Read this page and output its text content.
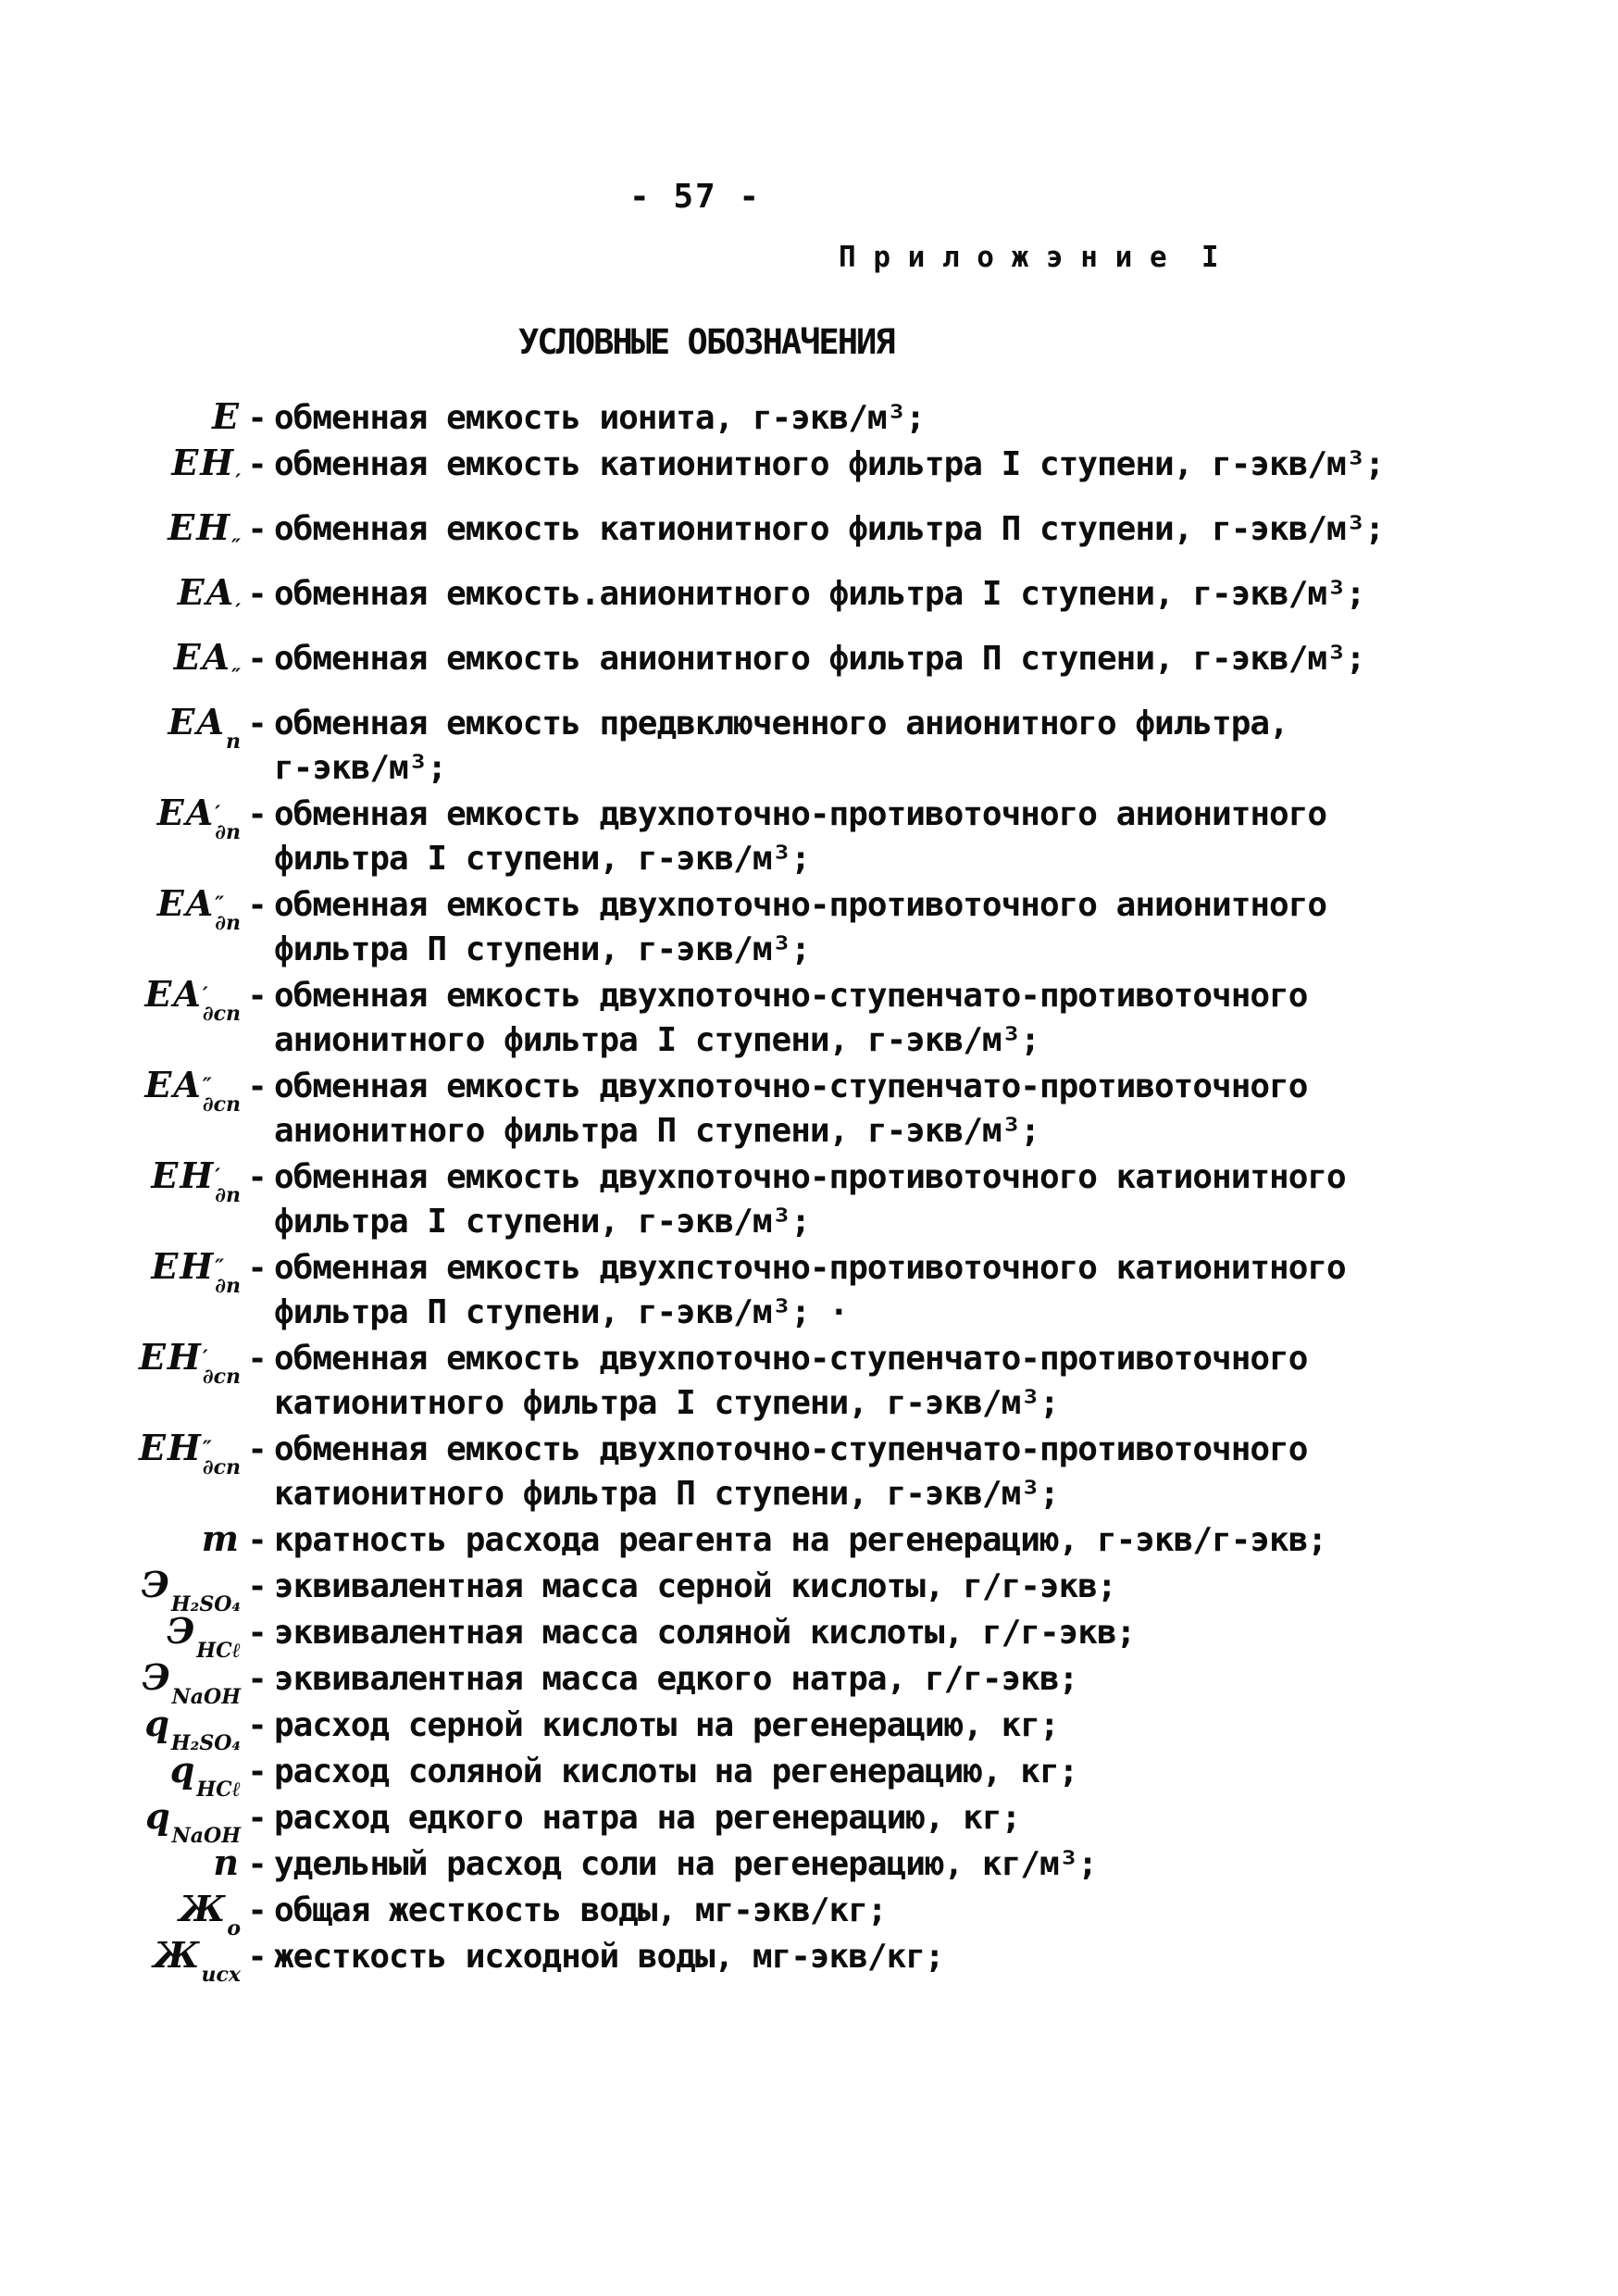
- 57 -
П р и л о ж э н и е  I
УСЛОВНЫЕ ОБОЗНАЧЕНИЯ
E - обменная емкость ионита, г-экв/м³;
EH ′ - обменная емкость катионитного фильтра I ступени, г-экв/м³;
EH ″ - обменная емкость катионитного фильтра П ступени, г-экв/м³;
EA ′ - обменная емкость.анионитного фильтра I ступени, г-экв/м³;
EA ″ - обменная емкость анионитного фильтра П ступени, г-экв/м³;
EA п - обменная емкость предвключенного анионитного фильтра,
г-экв/м³;
EA ′
∂п - обменная емкость двухпоточно-противоточного анионитного
фильтра I ступени, г-экв/м³;
EA ″
∂п - обменная емкость двухпоточно-противоточного анионитного
фильтра П ступени, г-экв/м³;
EA ′
∂сп - обменная емкость двухпоточно-ступенчато-противоточного
анионитного фильтра I ступени, г-экв/м³;
EA ″
∂сп - обменная емкость двухпоточно-ступенчато-противоточного
анионитного фильтра П ступени, г-экв/м³;
EH ′
∂п - обменная емкость двухпоточно-противоточного катионитного
фильтра I ступени, г-экв/м³;
EH ″
∂п - обменная емкость двухпсточно-противоточного катионитного
фильтра П ступени, г-экв/м³; ·
EH ′
∂сп - обменная емкость двухпоточно-ступенчато-противоточного
катионитного фильтра I ступени, г-экв/м³;
EH ″
∂сп - обменная емкость двухпоточно-ступенчато-противоточного
катионитного фильтра П ступени, г-экв/м³;
m - кратность расхода реагента на регенерацию, г-экв/г-экв;
Э H₂SO₄ - эквивалентная масса серной кислоты, г/г-экв;
Э HCℓ - эквивалентная масса соляной кислоты, г/г-экв;
Э NaOH - эквивалентная масса едкого натра, г/г-экв;
q H₂SO₄ - расход серной кислоты на регенерацию, кг;
q HCℓ - расход соляной кислоты на регенерацию, кг;
q NaOH - расход едкого натра на регенерацию, кг;
n - удельный расход соли на регенерацию, кг/м³;
Ж о - общая жесткость воды, мг-экв/кг;
Ж исх - жесткость исходной воды, мг-экв/кг;
